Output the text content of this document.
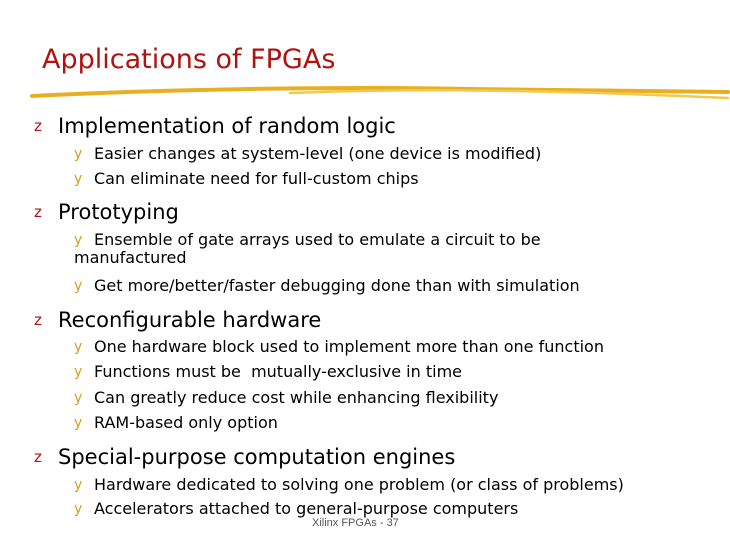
Applications of FPGAs
z Implementation of random logic
y Easier changes at system-level (one device is modified)
y Can eliminate need for full-custom chips
z Prototyping
y Ensemble of gate arrays used to emulate a circuit to be manufactured
y Get more/better/faster debugging done than with simulation
z Reconfigurable hardware
y One hardware block used to implement more than one function
y Functions must be  mutually-exclusive in time
y Can greatly reduce cost while enhancing flexibility
y RAM-based only option
z Special-purpose computation engines
y Hardware dedicated to solving one problem (or class of problems)
y Accelerators attached to general-purpose computers
Xilinx FPGAs - 37
